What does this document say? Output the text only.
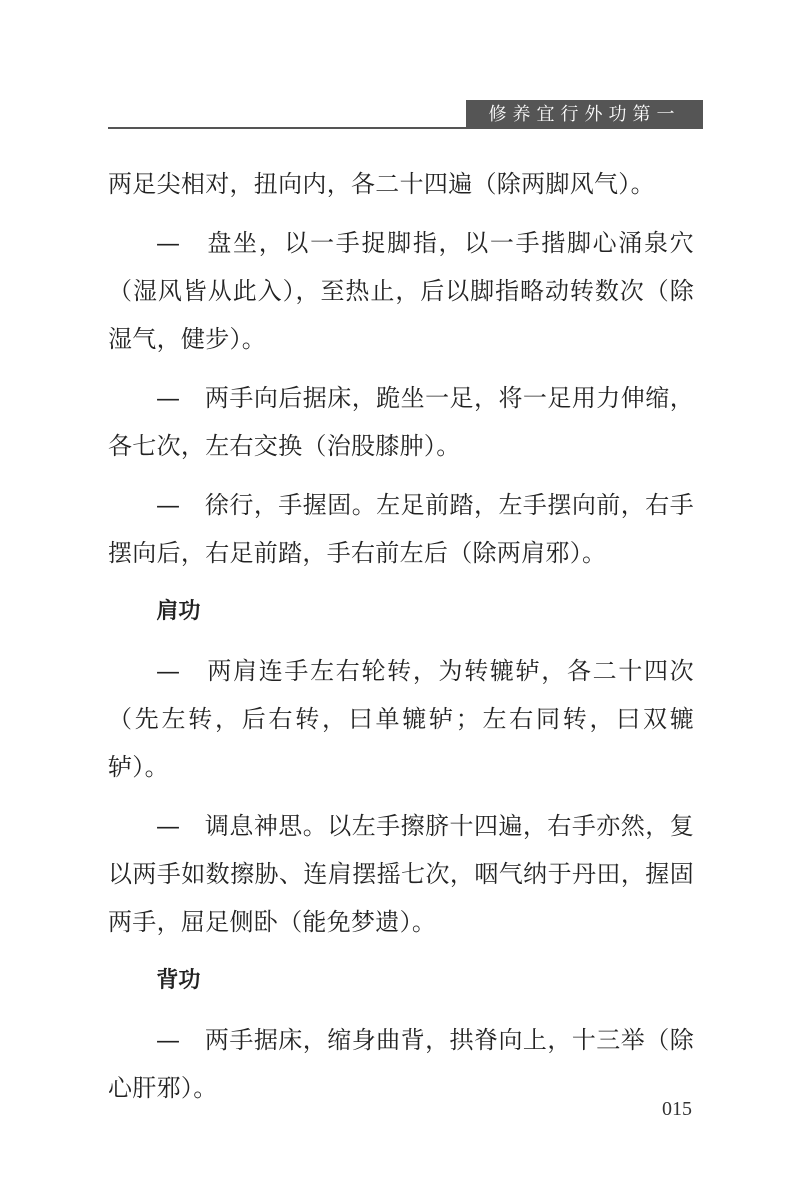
修养宜行外功第一

两足尖相对，扭向内，各二十四遍（除两脚风气）。

—　盘坐，以一手捉脚指，以一手揩脚心涌泉穴（湿风皆从此入），至热止，后以脚指略动转数次（除湿气，健步）。

—　两手向后据床，跪坐一足，将一足用力伸缩，各七次，左右交换（治股膝肿）。

—　徐行，手握固。左足前踏，左手摆向前，右手摆向后，右足前踏，手右前左后（除两肩邪）。

肩功

—　两肩连手左右轮转，为转辘轳，各二十四次（先左转，后右转，曰单辘轳；左右同转，曰双辘轳）。

—　调息神思。以左手擦脐十四遍，右手亦然，复以两手如数擦胁、连肩摆摇七次，咽气纳于丹田，握固两手，屈足侧卧（能免梦遗）。

背功

—　两手据床，缩身曲背，拱脊向上，十三举（除心肝邪）。

015
